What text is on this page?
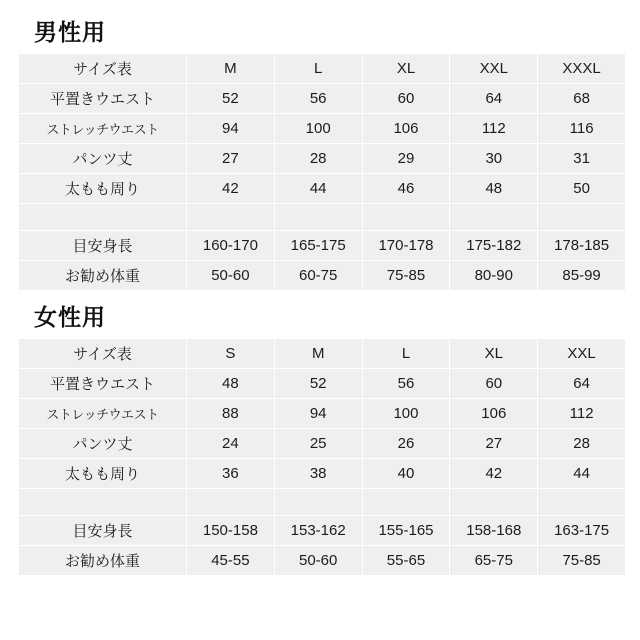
男性用
サイズ表	M	L	XL	XXL	XXXL
平置きウエスト	52	56	60	64	68
ストレッチウエスト	94	100	106	112	116
パンツ丈	27	28	29	30	31
太もも周り	42	44	46	48	50

目安身長	160-170	165-175	170-178	175-182	178-185
お勧め体重	50-60	60-75	75-85	80-90	85-99
女性用
サイズ表	S	M	L	XL	XXL
平置きウエスト	48	52	56	60	64
ストレッチウエスト	88	94	100	106	112
パンツ丈	24	25	26	27	28
太もも周り	36	38	40	42	44

目安身長	150-158	153-162	155-165	158-168	163-175
お勧め体重	45-55	50-60	55-65	65-75	75-85
